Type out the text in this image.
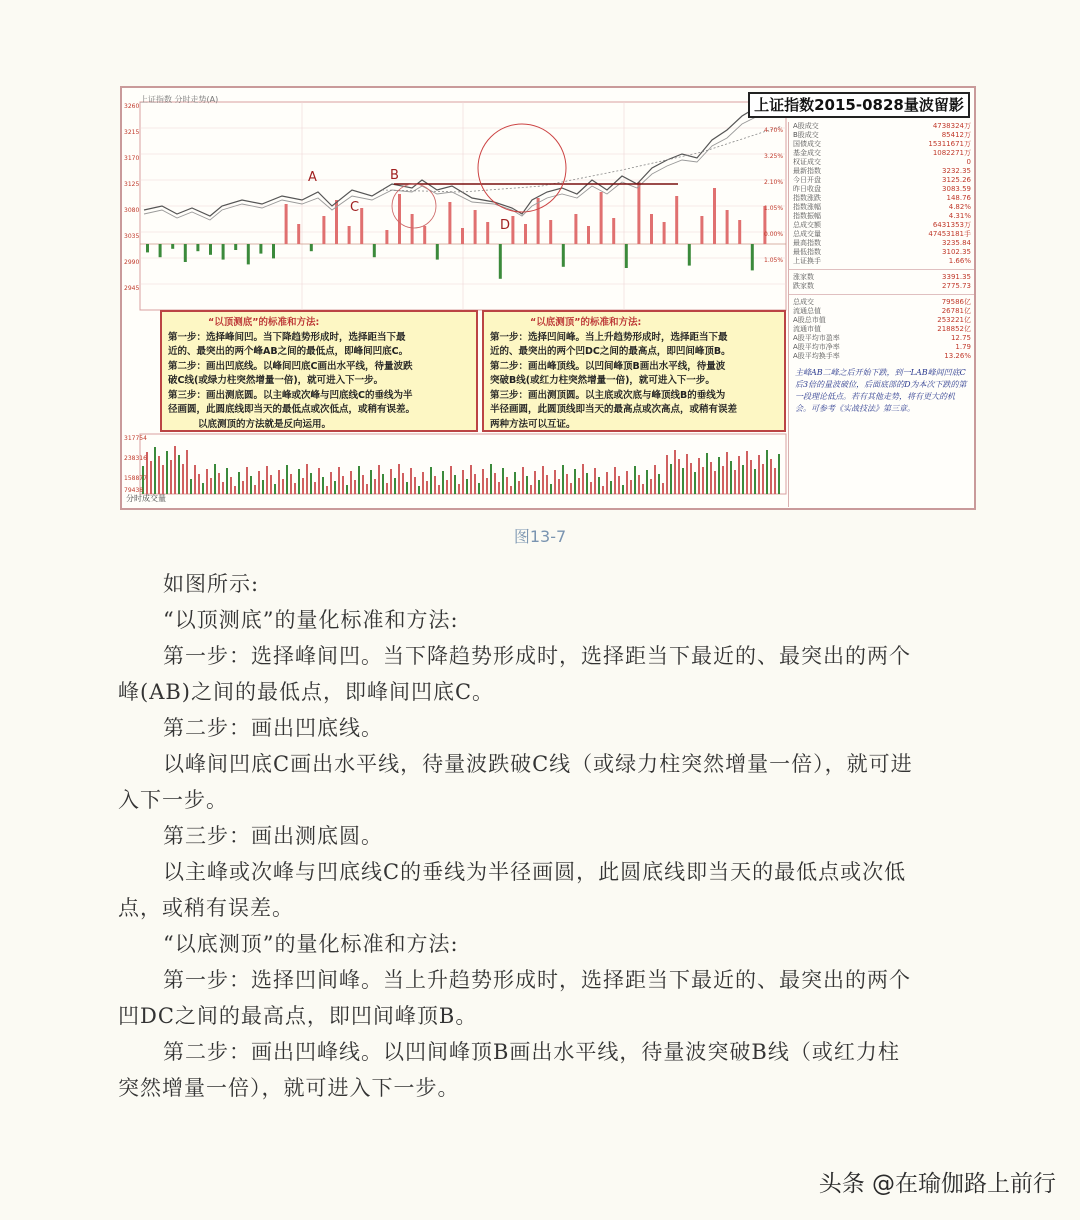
3260
3215
3170
3125
3080
3035
2990
2945
4.70%
3.25%
2.10%
1.05%
0.00%
1.05%
317754
238316
158877
79438
上证指数 分时走势(A)	上证指数2015-0828量波留影
A	B
C
D
“以顶测底”的标准和方法:

第一步：选择峰间凹。当下降趋势形成时，选择距当下最

近的、最突出的两个峰AB之间的最低点，即峰间凹底C。

第二步：画出凹底线。以峰间凹底C画出水平线，待量波跌

破C线(或绿力柱突然增量一倍)，就可进入下一步。

第三步：画出测底圆。以主峰或次峰与凹底线C的垂线为半

径画圆，此圆底线即当天的最低点或次低点，或稍有误差。

以底测顶的方法就是反向运用。

“以底测顶”的标准和方法:

第一步：选择凹间峰。当上升趋势形成时，选择距当下最

近的、最突出的两个凹DC之间的最高点，即凹间峰顶B。

第二步：画出峰顶线。以凹间峰顶B画出水平线，待量波

突破B线(或红力柱突然增量一倍)，就可进入下一步。

第三步：画出测顶圆。以主底或次底与峰顶线B的垂线为

半径画圆，此圆顶线即当天的最高点或次高点，或稍有误差

两种方法可以互证。

A股成交	4738324万
B股成交	85412万
国债成交	15311671万
基金成交	1082271万
权证成交	0
最新指数	3232.35
今日开盘	3125.26
昨日收盘	3083.59
指数涨跌	148.76
指数涨幅	4.82%
指数振幅	4.31%
总成交额	6431353万
总成交量	47453181手
最高指数	3235.84
最低指数	3102.35
上证换手	1.66%
涨家数	3391.35
跌家数	2775.73
总成交	79586亿
流通总值	26781亿
A股总市值	253221亿
流通市值	218852亿
A股平均市盈率	12.75
A股平均市净率	1.79
A股平均换手率	13.26%
主峰AB二峰之后开始下跌，到一LAB峰间凹底C后3倍的量波破位，后面底部的D为本次下跌的第一段理论低点。若有其他走势，将有更大的机会。可参考《实战技法》第三章。
分时成交量
图13-7

如图所示:

“以顶测底”的量化标准和方法:

第一步：选择峰间凹。当下降趋势形成时，选择距当下最近的、最突出的两个

峰(AB)之间的最低点，即峰间凹底C。

第二步：画出凹底线。

以峰间凹底C画出水平线，待量波跌破C线（或绿力柱突然增量一倍），就可进

入下一步。

第三步：画出测底圆。

以主峰或次峰与凹底线C的垂线为半径画圆，此圆底线即当天的最低点或次低

点，或稍有误差。

“以底测顶”的量化标准和方法:

第一步：选择凹间峰。当上升趋势形成时，选择距当下最近的、最突出的两个

凹DC之间的最高点，即凹间峰顶B。

第二步：画出凹峰线。以凹间峰顶B画出水平线，待量波突破B线（或红力柱

突然增量一倍），就可进入下一步。

头条 @在瑜伽路上前行
